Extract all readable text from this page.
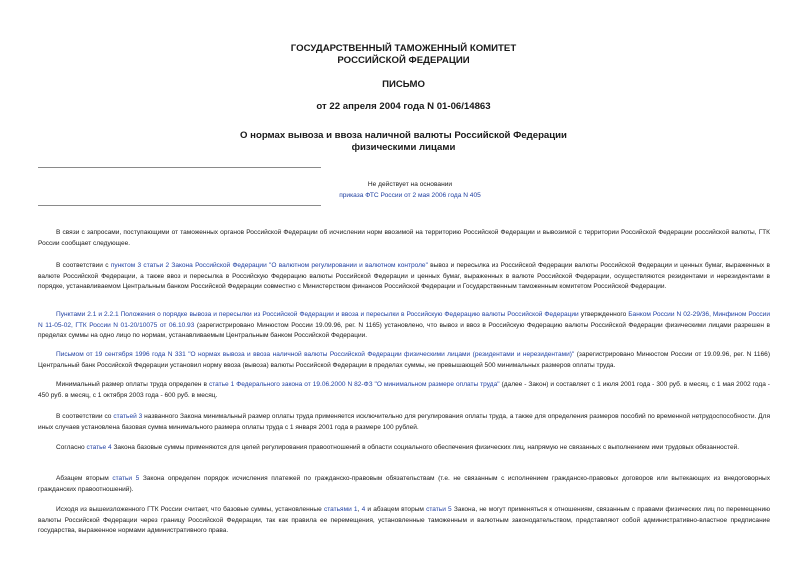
ГОСУДАРСТВЕННЫЙ ТАМОЖЕННЫЙ КОМИТЕТ
РОССИЙСКОЙ ФЕДЕРАЦИИ
ПИСЬМО
от 22 апреля 2004 года N 01-06/14863
О нормах вывоза и ввоза наличной валюты Российской Федерации
физическими лицами
Не действует на основании
приказа ФТС России от 2 мая 2006 года N 405
В связи с запросами, поступающими от таможенных органов Российской Федерации об исчислении норм ввозимой на территорию Российской Федерации и вывозимой с территории Российской Федерации российской валюты, ГТК России сообщает следующее.
В соответствии с пунктом 3 статьи 2 Закона Российской Федерации "О валютном регулировании и валютном контроле" вывоз и пересылка из Российской Федерации валюты Российской Федерации и ценных бумаг, выраженных в валюте Российской Федерации, а также ввоз и пересылка в Российскую Федерацию валюты Российской Федерации и ценных бумаг, выраженных в валюте Российской Федерации, осуществляются резидентами и нерезидентами в порядке, устанавливаемом Центральным банком Российской Федерации совместно с Министерством финансов Российской Федерации и Государственным таможенным комитетом Российской Федерации.
Пунктами 2.1 и 2.2.1 Положения о порядке вывоза и пересылки из Российской Федерации и ввоза и пересылки в Российскую Федерацию валюты Российской Федерации утвержденного Банком России N 02-29/36, Минфином России N 11-05-02, ГТК России N 01-20/10075 от 06.10.93 (зарегистрировано Минюстом России 19.09.96, рег. N 1165) установлено, что вывоз и ввоз в Российскую Федерацию валюты Российской Федерации физическими лицами разрешен в пределах суммы на одно лицо по нормам, устанавливаемым Центральным банком Российской Федерации.
Письмом от 19 сентября 1996 года N 331 "О нормах вывоза и ввоза наличной валюты Российской Федерации физическими лицами (резидентами и нерезидентами)" (зарегистрировано Минюстом России от 19.09.96, рег. N 1166) Центральный банк Российской Федерации установил норму ввоза (вывоза) валюты Российской Федерации в пределах суммы, не превышающей 500 минимальных размеров оплаты труда.
Минимальный размер оплаты труда определен в статье 1 Федерального закона от 19.06.2000 N 82-ФЗ "О минимальном размере оплаты труда" (далее - Закон) и составляет с 1 июля 2001 года - 300 руб. в месяц, с 1 мая 2002 года - 450 руб. в месяц, с 1 октября 2003 года - 600 руб. в месяц.
В соответствии со статьей 3 названного Закона минимальный размер оплаты труда применяется исключительно для регулирования оплаты труда, а также для определения размеров пособий по временной нетрудоспособности. Для иных случаев установлена базовая сумма минимального размера оплаты труда с 1 января 2001 года в размере 100 рублей.
Согласно статье 4 Закона базовые суммы применяются для целей регулирования правоотношений в области социального обеспечения физических лиц, напрямую не связанных с выполнением ими трудовых обязанностей.
Абзацем вторым статьи 5 Закона определен порядок исчисления платежей по гражданско-правовым обязательствам (т.е. не связанным с исполнением гражданско-правовых договоров или вытекающих из внедоговорных гражданских правоотношений).
Исходя из вышеизложенного ГТК России считает, что базовые суммы, установленные статьями 1, 4 и абзацем вторым статьи 5 Закона, не могут применяться к отношениям, связанным с правами физических лиц по перемещению валюты Российской Федерации через границу Российской Федерации, так как правила ее перемещения, установленные таможенным и валютным законодательством, представляют собой административно-властное предписание государства, выраженное нормами административного права.
